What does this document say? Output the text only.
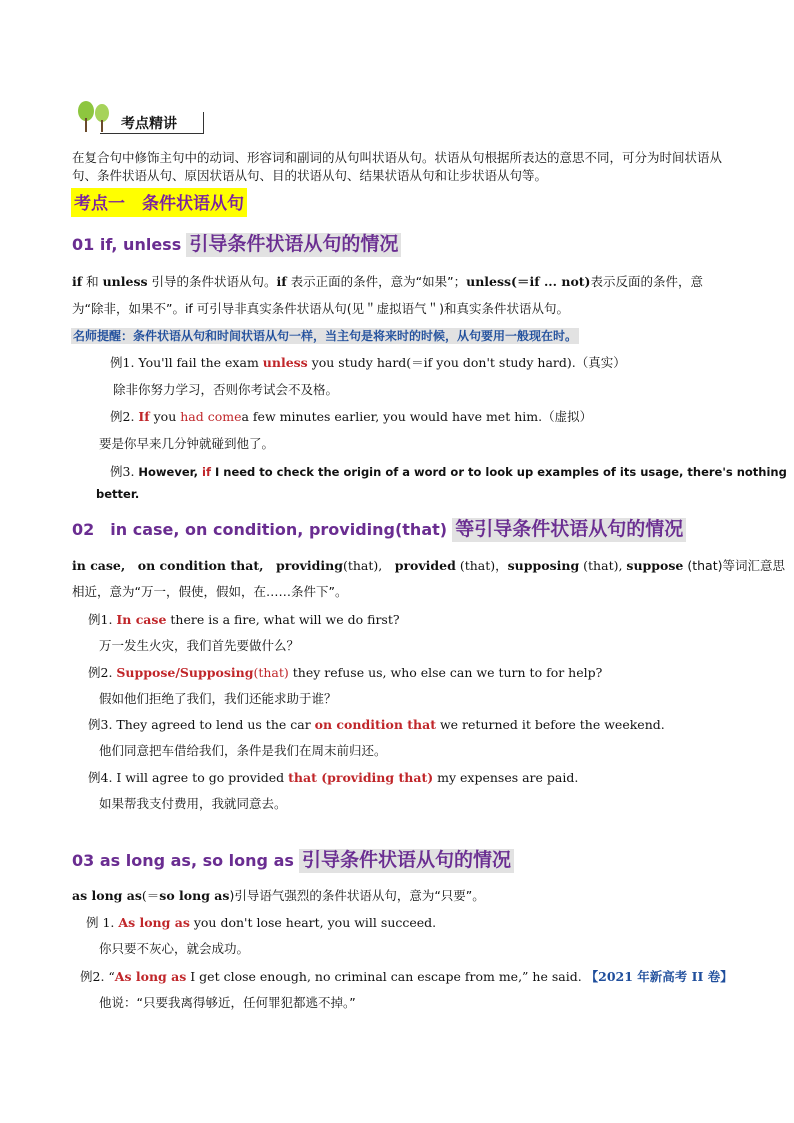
考点精讲
在复合句中修饰主句中的动词、形容词和副词的从句叫状语从句。状语从句根据所表达的意思不同，可分为时间状语从句、条件状语从句、原因状语从句、目的状语从句、结果状语从句和让步状语从句等。
考点一　条件状语从句
01 if, unless 引导条件状语从句的情况
if 和 unless 引导的条件状语从句。if 表示正面的条件，意为“如果”；unless(＝if ... not)表示反面的条件，意
为“除非，如果不”。if 可引导非真实条件状语从句(见＂虚拟语气＂)和真实条件状语从句。
名师提醒：条件状语从句和时间状语从句一样，当主句是将来时的时候，从句要用一般现在时。
例1. You'll fail the exam unless you study hard(＝if you don't study hard).（真实）
除非你努力学习，否则你考试会不及格。
例2. If you had comea few minutes earlier, you would have met him.（虚拟）
要是你早来几分钟就碰到他了。
例3. However, if I need to check the origin of a word or to look up examples of its usage, there's nothing
better.
02　in case, on condition, providing(that) 等引导条件状语从句的情况
in case,　on condition that,　providing(that),　provided (that)，supposing (that), suppose (that)等词汇意思
相近，意为“万一，假使，假如，在……条件下”。
例1. In case there is a fire, what will we do first?
万一发生火灾，我们首先要做什么？
例2. Suppose/Supposing(that) they refuse us, who else can we turn to for help?
假如他们拒绝了我们，我们还能求助于谁？
例3. They agreed to lend us the car on condition that we returned it before the weekend.
他们同意把车借给我们，条件是我们在周末前归还。
例4. I will agree to go provided that (providing that) my expenses are paid.
如果帮我支付费用，我就同意去。
03 as long as, so long as 引导条件状语从句的情况
as long as(＝so long as)引导语气强烈的条件状语从句，意为“只要”。
例 1. As long as you don't lose heart, you will succeed.
你只要不灰心，就会成功。
例2. “As long as I get close enough, no criminal can escape from me,” he said. 【2021 年新高考 II 卷】
他说：“只要我离得够近，任何罪犯都逃不掉。”
